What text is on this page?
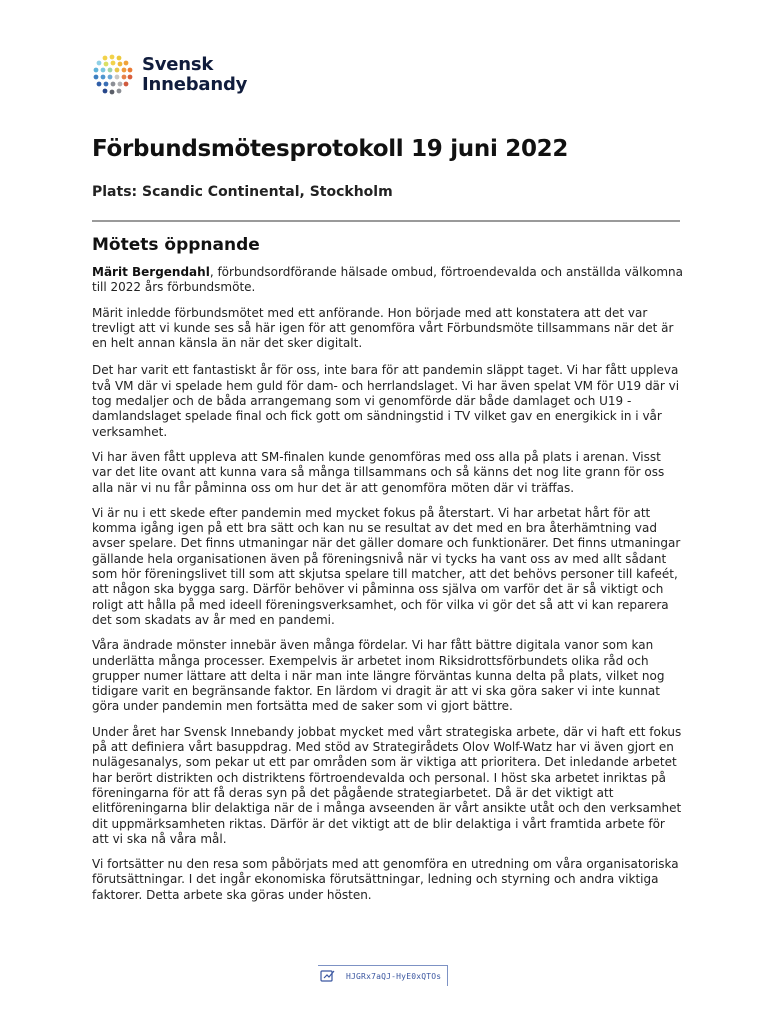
Svensk
Innebandy
Förbundsmötesprotokoll 19 juni 2022

Plats: Scandic Continental, Stockholm

Mötets öppnande

Märit Bergendahl, förbundsordförande hälsade ombud, förtroendevalda och anställda välkomna till 2022 års förbundsmöte.

Märit inledde förbundsmötet med ett anförande. Hon började med att konstatera att det var trevligt att vi kunde ses så här igen för att genomföra vårt Förbundsmöte tillsammans när det är en helt annan känsla än när det sker digitalt.

Det har varit ett fantastiskt år för oss, inte bara för att pandemin släppt taget. Vi har fått uppleva två VM där vi spelade hem guld för dam- och herrlandslaget. Vi har även spelat VM för U19 där vi tog medaljer och de båda arrangemang som vi genomförde där både damlaget och U19 -damlandslaget spelade final och fick gott om sändningstid i TV vilket gav en energikick in i vår verksamhet.

Vi har även fått uppleva att SM-finalen kunde genomföras med oss alla på plats i arenan. Visst var det lite ovant att kunna vara så många tillsammans och så känns det nog lite grann för oss alla när vi nu får påminna oss om hur det är att genomföra möten där vi träffas.

Vi är nu i ett skede efter pandemin med mycket fokus på återstart. Vi har arbetat hårt för att komma igång igen på ett bra sätt och kan nu se resultat av det med en bra återhämtning vad avser spelare. Det finns utmaningar när det gäller domare och funktionärer. Det finns utmaningar gällande hela organisationen även på föreningsnivå när vi tycks ha vant oss av med allt sådant som hör föreningslivet till som att skjutsa spelare till matcher, att det behövs personer till kafeét, att någon ska bygga sarg. Därför behöver vi påminna oss själva om varför det är så viktigt och roligt att hålla på med ideell föreningsverksamhet, och för vilka vi gör det så att vi kan reparera det som skadats av år med en pandemi.

Våra ändrade mönster innebär även många fördelar. Vi har fått bättre digitala vanor som kan underlätta många processer. Exempelvis är arbetet inom Riksidrottsförbundets olika råd och grupper numer lättare att delta i när man inte längre förväntas kunna delta på plats, vilket nog tidigare varit en begränsande faktor. En lärdom vi dragit är att vi ska göra saker vi inte kunnat göra under pandemin men fortsätta med de saker som vi gjort bättre.

Under året har Svensk Innebandy jobbat mycket med vårt strategiska arbete, där vi haft ett fokus på att definiera vårt basuppdrag. Med stöd av Strategirådets Olov Wolf-Watz har vi även gjort en nulägesanalys, som pekar ut ett par områden som är viktiga att prioritera. Det inledande arbetet har berört distrikten och distriktens förtroendevalda och personal. I höst ska arbetet inriktas på föreningarna för att få deras syn på det pågående strategiarbetet. Då är det viktigt att elitföreningarna blir delaktiga när de i många avseenden är vårt ansikte utåt och den verksamhet dit uppmärksamheten riktas. Därför är det viktigt att de blir delaktiga i vårt framtida arbete för att vi ska nå våra mål.

Vi fortsätter nu den resa som påbörjats med att genomföra en utredning om våra organisatoriska förutsättningar. I det ingår ekonomiska förutsättningar, ledning och styrning och andra viktiga faktorer. Detta arbete ska göras under hösten.

HJGRx7aQJ-HyE0xQTOs
